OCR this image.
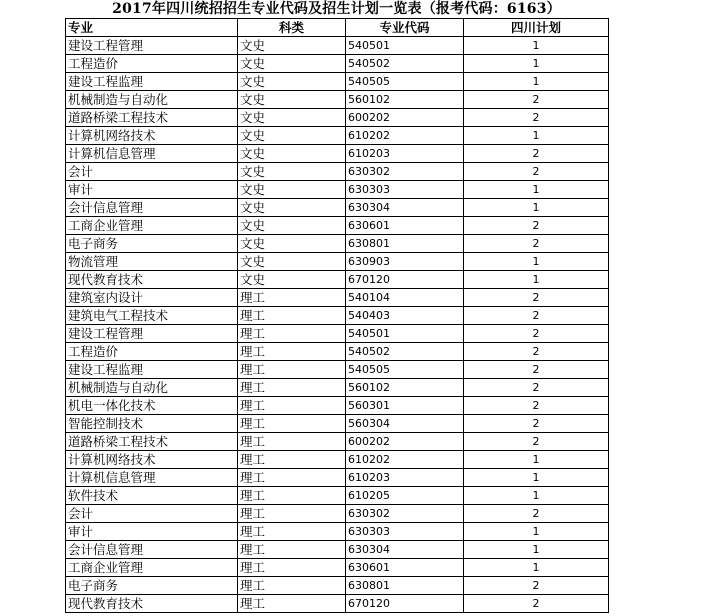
2017年四川统招招生专业代码及招生计划一览表（报考代码：6163）
专业	科类	专业代码	四川计划
建设工程管理	文史	540501	1
工程造价	文史	540502	1
建设工程监理	文史	540505	1
机械制造与自动化	文史	560102	2
道路桥梁工程技术	文史	600202	2
计算机网络技术	文史	610202	1
计算机信息管理	文史	610203	2
会计	文史	630302	2
审计	文史	630303	1
会计信息管理	文史	630304	1
工商企业管理	文史	630601	2
电子商务	文史	630801	2
物流管理	文史	630903	1
现代教育技术	文史	670120	1
建筑室内设计	理工	540104	2
建筑电气工程技术	理工	540403	2
建设工程管理	理工	540501	2
工程造价	理工	540502	2
建设工程监理	理工	540505	2
机械制造与自动化	理工	560102	2
机电一体化技术	理工	560301	2
智能控制技术	理工	560304	2
道路桥梁工程技术	理工	600202	2
计算机网络技术	理工	610202	1
计算机信息管理	理工	610203	1
软件技术	理工	610205	1
会计	理工	630302	2
审计	理工	630303	1
会计信息管理	理工	630304	1
工商企业管理	理工	630601	1
电子商务	理工	630801	2
现代教育技术	理工	670120	2
